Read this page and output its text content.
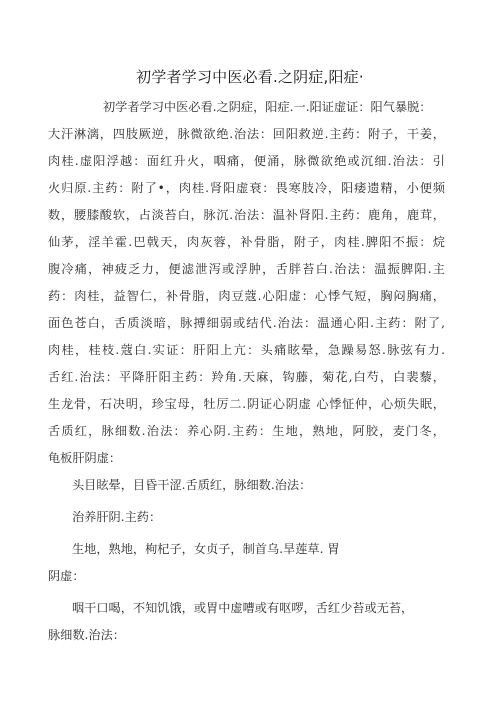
初学者学习中医必看.之阴症,阳症·
初学者学习中医必看.之阴症，阳症.一.阳证虚证：阳气暴脱：
大汗淋漓，四肢厥逆，脉微欲绝.治法：回阳救逆.主药：附子，干姜，
肉桂.虚阳浮越：面红升火，咽痛，便涌，脉微欲绝或沉细.治法：引
火归原.主药：附了•，肉桂.肾阳虚衰：畏寒肢冷，阳痿遗精，小便频
数，腰膝酸软，占淡苔白，脉沉.治法：温补肾阳.主药：鹿角，鹿茸，
仙茅，淫羊霍.巴戟天，肉灰蓉，补骨脂，附子，肉桂.脾阳不振：烷
腹冷痛，神疲乏力，便滤泄泻或浮肿，舌胖苔白.治法：温振脾阳.主
药：肉桂，益智仁，补骨脂，肉豆蔻.心阳虚：心悸气短，胸闷胸痛，
面色苍白，舌质淡暗，脉搏细弱或结代.治法：温通心阳.主药：附了,
肉桂，桂枝.蔻白.实证：肝阳上亢：头痛眩晕，急躁易怒.脉弦有力.
舌红.治法：平降肝阳主药：羚角.天麻，钩藤，菊花,白芍，白裴藜，
生龙骨，石决明，珍宝母，牡厉二.阴证心阴虚 心悸怔仲，心烦失眠，
舌质红，脉细数.治法：养心阴.主药：生地，熟地，阿胶，麦门冬，
龟板肝阴虚：
头目眩晕，目昏干涩.舌质红，脉细数.治法：
治养肝阴.主药：
生地，熟地，枸杞子，女贞子，制首乌.旱莲草. 胃
阴虚：
咽干口喝，不知饥饿，或胃中虚嘈或有呕啰，舌红少苔或无苔，
脉细数.治法：
